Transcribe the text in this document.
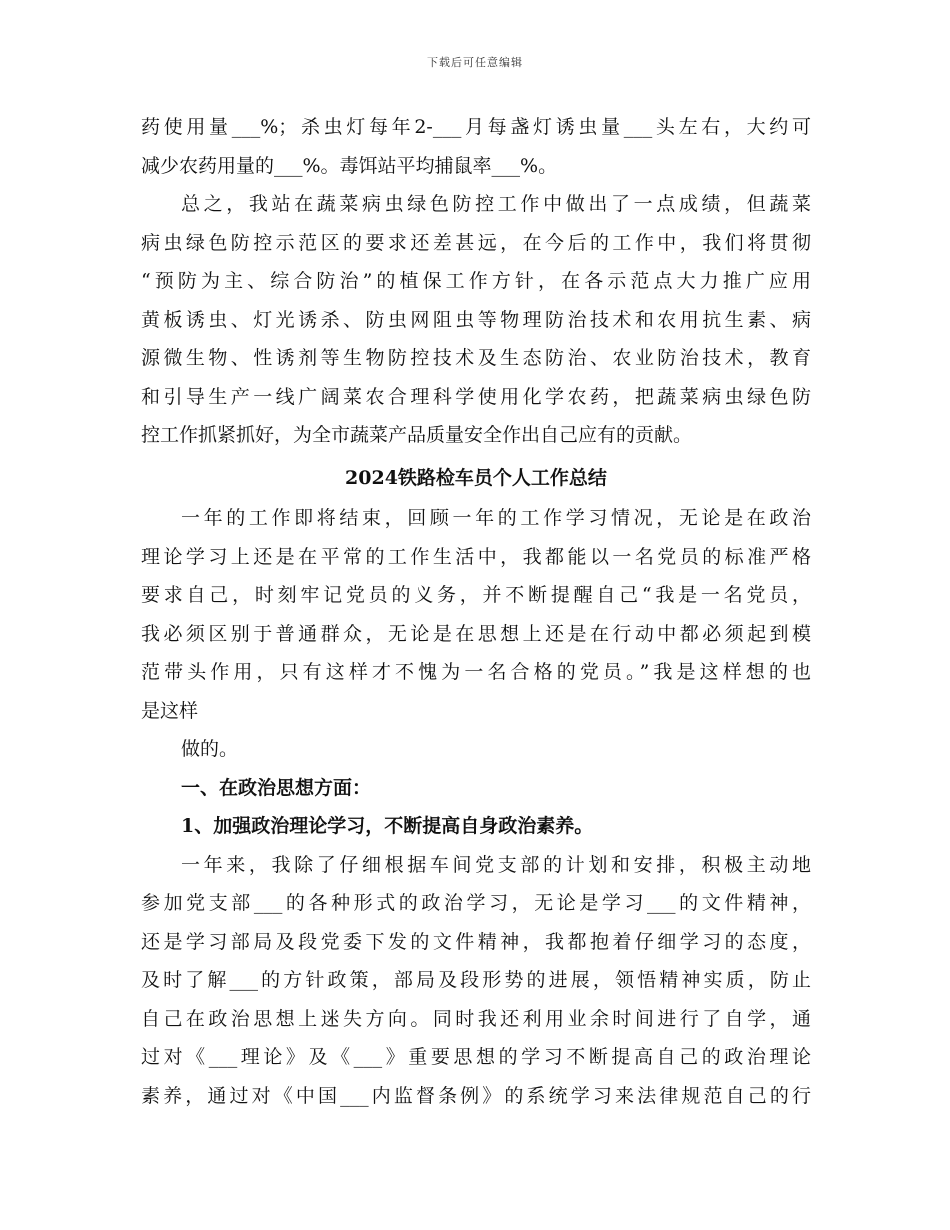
下载后可任意编辑
药使用量___%；杀虫灯每年2-___月每盏灯诱虫量___头左右，大约可
减少农药用量的___%。毒饵站平均捕鼠率___%。
总之，我站在蔬菜病虫绿色防控工作中做出了一点成绩，但蔬菜
病虫绿色防控示范区的要求还差甚远，在今后的工作中，我们将贯彻
“预防为主、综合防治”的植保工作方针，在各示范点大力推广应用
黄板诱虫、灯光诱杀、防虫网阻虫等物理防治技术和农用抗生素、病
源微生物、性诱剂等生物防控技术及生态防治、农业防治技术，教育
和引导生产一线广阔菜农合理科学使用化学农药，把蔬菜病虫绿色防
控工作抓紧抓好，为全市蔬菜产品质量安全作出自己应有的贡献。
2024铁路检车员个人工作总结
一年的工作即将结束，回顾一年的工作学习情况，无论是在政治
理论学习上还是在平常的工作生活中，我都能以一名党员的标准严格
要求自己，时刻牢记党员的义务，并不断提醒自己“我是一名党员，
我必须区别于普通群众，无论是在思想上还是在行动中都必须起到模
范带头作用，只有这样才不愧为一名合格的党员。”我是这样想的也
是这样
做的。
一、在政治思想方面：
1、加强政治理论学习，不断提高自身政治素养。
一年来，我除了仔细根据车间党支部的计划和安排，积极主动地
参加党支部___的各种形式的政治学习，无论是学习___的文件精神，
还是学习部局及段党委下发的文件精神，我都抱着仔细学习的态度，
及时了解___的方针政策，部局及段形势的进展，领悟精神实质，防止
自己在政治思想上迷失方向。同时我还利用业余时间进行了自学，通
过对《___理论》及《___》重要思想的学习不断提高自己的政治理论
素养，通过对《中国___内监督条例》的系统学习来法律规范自己的行
